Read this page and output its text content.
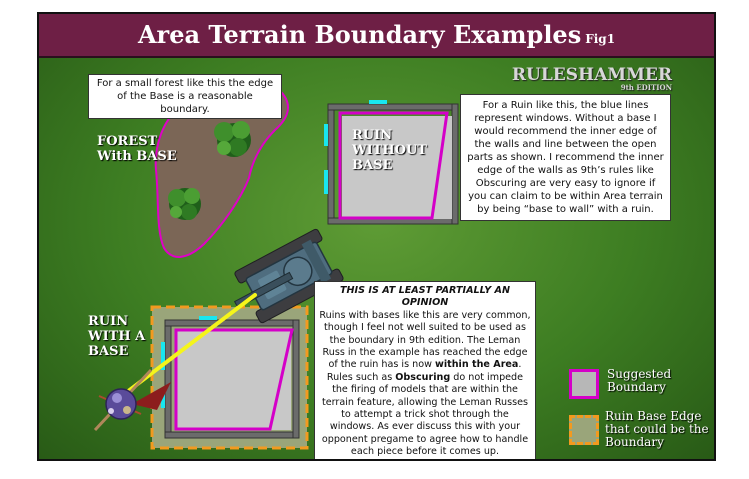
Area Terrain Boundary Examples Fig1
For a small forest like this the edge of the Base is a reasonable boundary.	For a Ruin like this, the blue lines represent windows. Without a base I would recommend the inner edge of the walls and line between the open parts as shown. I recommend the inner edge of the walls as 9th’s rules like Obscuring are very easy to ignore if you can claim to be within Area terrain by being “base to wall” with a ruin.
THIS IS AT LEAST PARTIALLY AN OPINION
Ruins with bases like this are very common, though I feel not well suited to be used as the boundary in 9th edition. The Leman Russ in the example has reached the edge of the ruin has is now within the Area. Rules such as Obscuring do not impede the firing of models that are within the terrain feature, allowing the Leman Russes to attempt a trick shot through the windows. As ever discuss this with your opponent pregame to agree how to handle each piece before it comes up.
FOREST
With BASE
RUIN
WITHOUT
BASE
RUIN
WITH A
BASE
RULESHAMMER
9th EDITION
Suggested Boundary
Ruin Base Edge that could be the Boundary
